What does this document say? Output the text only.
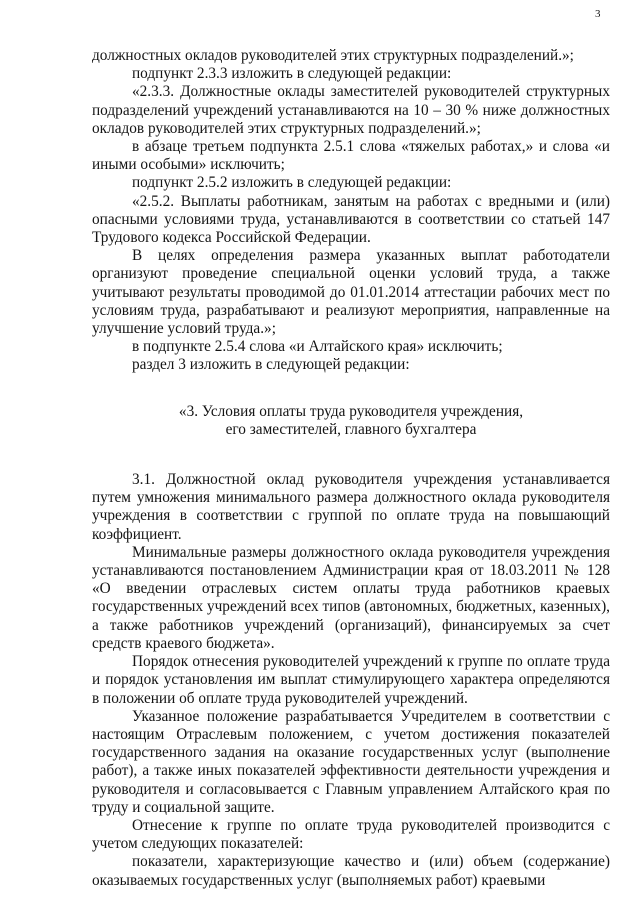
3

должностных окладов руководителей этих структурных подразделений.»;

подпункт 2.3.3 изложить в следующей редакции:

«2.3.3. Должностные оклады заместителей руководителей структурных подразделений учреждений устанавливаются на 10 – 30 % ниже должностных окладов руководителей этих структурных подразделений.»;

в абзаце третьем подпункта 2.5.1 слова «тяжелых работах,» и слова «и иными особыми» исключить;

подпункт 2.5.2 изложить в следующей редакции:

«2.5.2. Выплаты работникам, занятым на работах с вредными и (или) опасными условиями труда, устанавливаются в соответствии со статьей 147 Трудового кодекса Российской Федерации.

В целях определения размера указанных выплат работодатели организуют проведение специальной оценки условий труда, а также учитывают результаты проводимой до 01.01.2014 аттестации рабочих мест по условиям труда, разрабатывают и реализуют мероприятия, направленные на улучшение условий труда.»;

в подпункте 2.5.4 слова «и Алтайского края» исключить;

раздел 3 изложить в следующей редакции:

«3. Условия оплаты труда руководителя учреждения,
его заместителей, главного бухгалтера

3.1. Должностной оклад руководителя учреждения устанавливается путем умножения минимального размера должностного оклада руководителя учреждения в соответствии с группой по оплате труда на повышающий коэффициент.

Минимальные размеры должностного оклада руководителя учреждения устанавливаются постановлением Администрации края от 18.03.2011 № 128 «О введении отраслевых систем оплаты труда работников краевых государственных учреждений всех типов (автономных, бюджетных, казенных), а также работников учреждений (организаций), финансируемых за счет средств краевого бюджета».

Порядок отнесения руководителей учреждений к группе по оплате труда и порядок установления им выплат стимулирующего характера определяются в положении об оплате труда руководителей учреждений.

Указанное положение разрабатывается Учредителем в соответствии с настоящим Отраслевым положением, с учетом достижения показателей государственного задания на оказание государственных услуг (выполнение работ), а также иных показателей эффективности деятельности учреждения и руководителя и согласовывается с Главным управлением Алтайского края по труду и социальной защите.

Отнесение к группе по оплате труда руководителей производится с учетом следующих показателей:

показатели, характеризующие качество и (или) объем (содержание) оказываемых государственных услуг (выполняемых работ) краевыми
